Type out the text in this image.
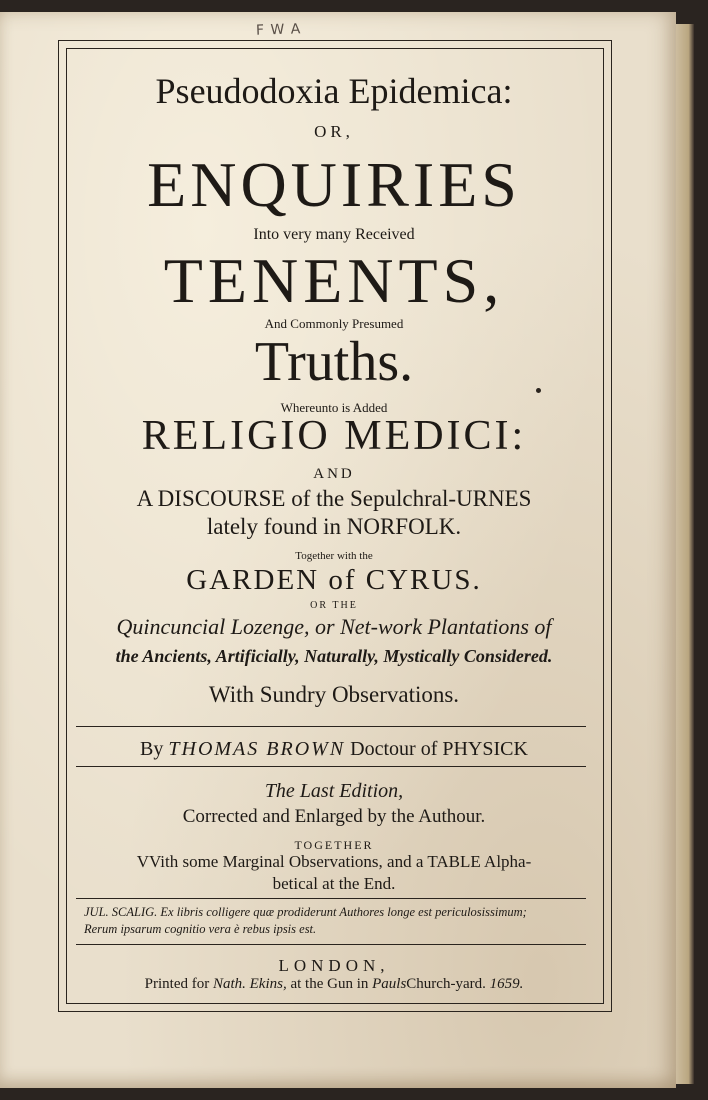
F W A

Pseudodoxia Epidemica:

OR,

ENQUIRIES

Into very many Received

TENENTS,

And Commonly Presumed

Truths.

Whereunto is Added

RELIGIO MEDICI:

AND

A DISCOURSE of the Sepulchral-URNES

lately found in NORFOLK.

Together with the

GARDEN of CYRUS.

OR THE

Quincuncial Lozenge, or Net-work Plantations of

the Ancients, Artificially, Naturally, Mystically Considered.

With Sundry Observations.

By THOMAS BROWN Doctour of PHYSICK

The Last Edition,

Corrected and Enlarged by the Authour.

TOGETHER

VVith some Marginal Observations, and a TABLE Alpha-

betical at the End.

JUL. SCALIG. Ex libris colligere quæ prodiderunt Authores longe est periculosissimum;

Rerum ipsarum cognitio vera è rebus ipsis est.

LONDON,

Printed for Nath. Ekins, at the Gun in PaulsChurch-yard. 1659.
